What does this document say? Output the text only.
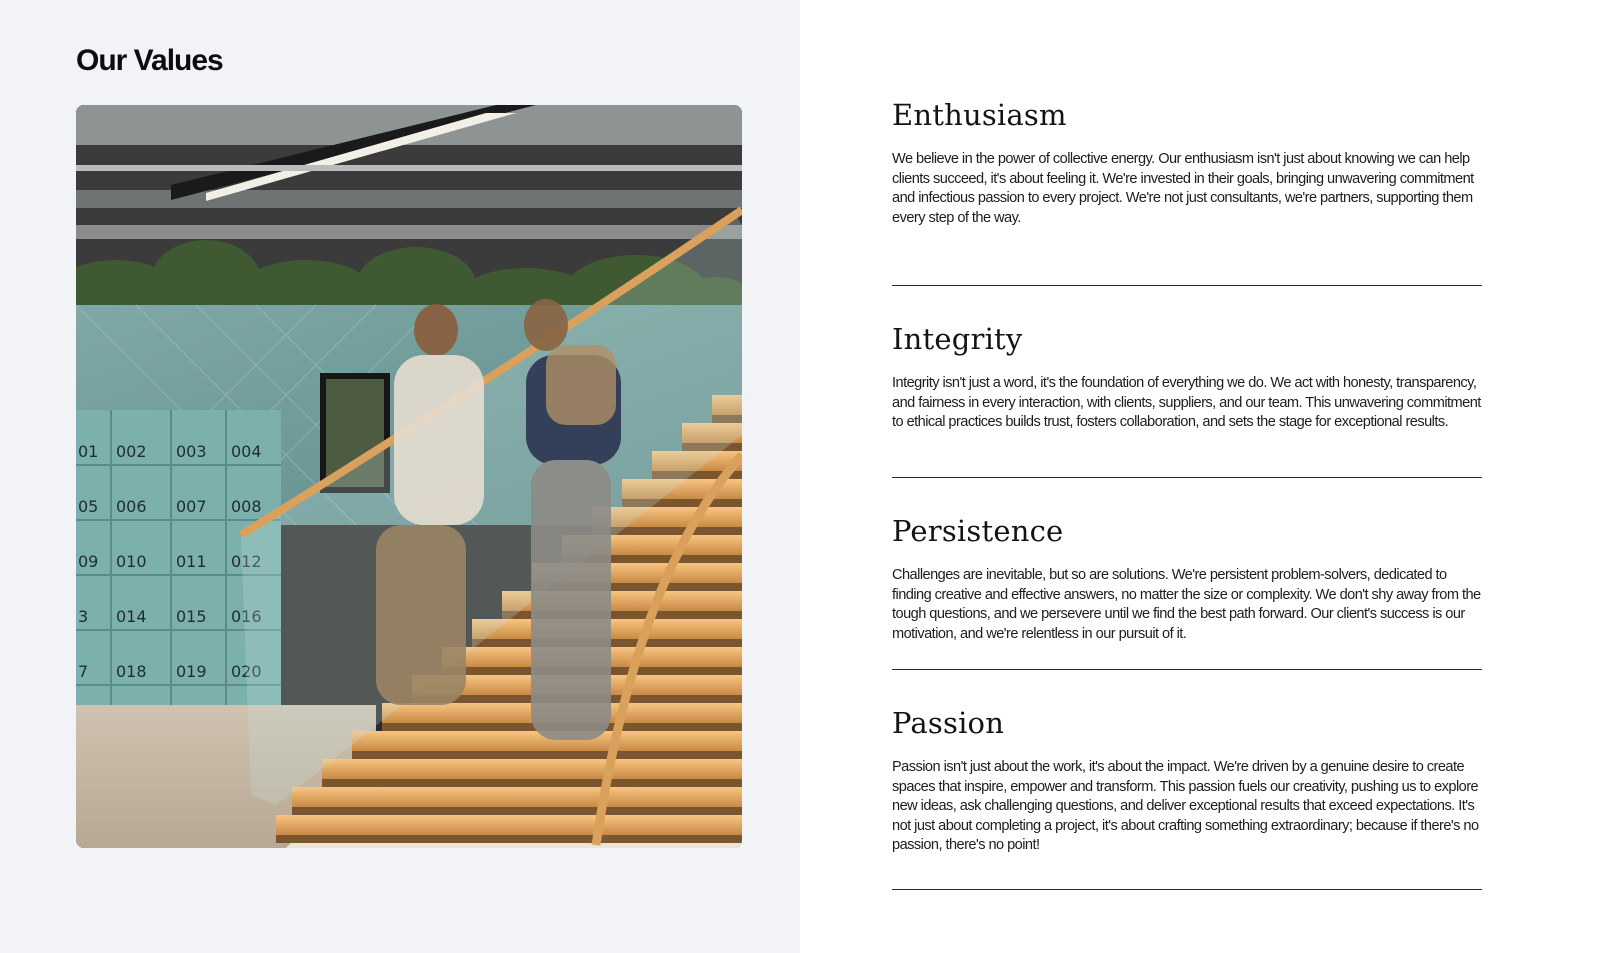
Our Values
01 002 003 004
05 006 007 008
09 010 011 012
3 014 015 016
7 018 019 020
Enthusiasm

We believe in the power of collective energy. Our enthusiasm isn't just about knowing we can help clients succeed, it's about feeling it. We're invested in their goals, bringing unwavering commitment and infectious passion to every project. We're not just consultants, we're partners, supporting them every step of the way.

Integrity

Integrity isn't just a word, it's the foundation of everything we do. We act with honesty, transparency, and fairness in every interaction, with clients, suppliers, and our team. This unwavering commitment to ethical practices builds trust, fosters collaboration, and sets the stage for exceptional results.

Persistence

Challenges are inevitable, but so are solutions. We're persistent problem-solvers, dedicated to finding creative and effective answers, no matter the size or complexity. We don't shy away from the tough questions, and we persevere until we find the best path forward. Our client's success is our motivation, and we're relentless in our pursuit of it.

Passion

Passion isn't just about the work, it's about the impact. We're driven by a genuine desire to create spaces that inspire, empower and transform. This passion fuels our creativity, pushing us to explore new ideas, ask challenging questions, and deliver exceptional results that exceed expectations. It's not just about completing a project, it's about crafting something extraordinary; because if there's no passion, there's no point!
